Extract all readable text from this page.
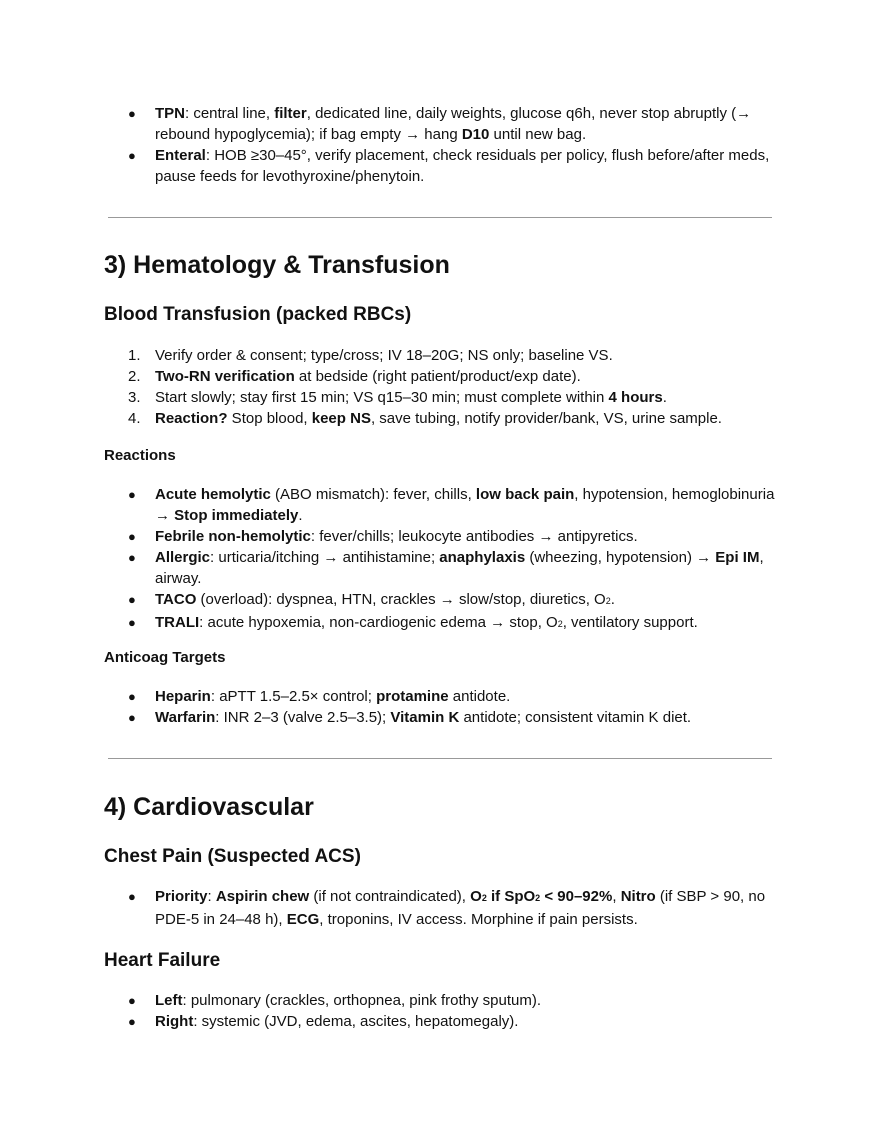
● TPN: central line, filter, dedicated line, daily weights, glucose q6h, never stop abruptly (→ rebound hypoglycemia); if bag empty → hang D10 until new bag.
● Enteral: HOB ≥30–45°, verify placement, check residuals per policy, flush before/after meds, pause feeds for levothyroxine/phenytoin.
3) Hematology & Transfusion
Blood Transfusion (packed RBCs)
1. Verify order & consent; type/cross; IV 18–20G; NS only; baseline VS.
2. Two-RN verification at bedside (right patient/product/exp date).
3. Start slowly; stay first 15 min; VS q15–30 min; must complete within 4 hours.
4. Reaction? Stop blood, keep NS, save tubing, notify provider/bank, VS, urine sample.
Reactions
● Acute hemolytic (ABO mismatch): fever, chills, low back pain, hypotension, hemoglobinuria → Stop immediately.
● Febrile non-hemolytic: fever/chills; leukocyte antibodies → antipyretics.
● Allergic: urticaria/itching → antihistamine; anaphylaxis (wheezing, hypotension) → Epi IM, airway.
● TACO (overload): dyspnea, HTN, crackles → slow/stop, diuretics, O2.
● TRALI: acute hypoxemia, non-cardiogenic edema → stop, O2, ventilatory support.
Anticoag Targets
● Heparin: aPTT 1.5–2.5× control; protamine antidote.
● Warfarin: INR 2–3 (valve 2.5–3.5); Vitamin K antidote; consistent vitamin K diet.
4) Cardiovascular
Chest Pain (Suspected ACS)
● Priority: Aspirin chew (if not contraindicated), O2 if SpO2 < 90–92%, Nitro (if SBP > 90, no PDE-5 in 24–48 h), ECG, troponins, IV access. Morphine if pain persists.
Heart Failure
● Left: pulmonary (crackles, orthopnea, pink frothy sputum).
● Right: systemic (JVD, edema, ascites, hepatomegaly).
